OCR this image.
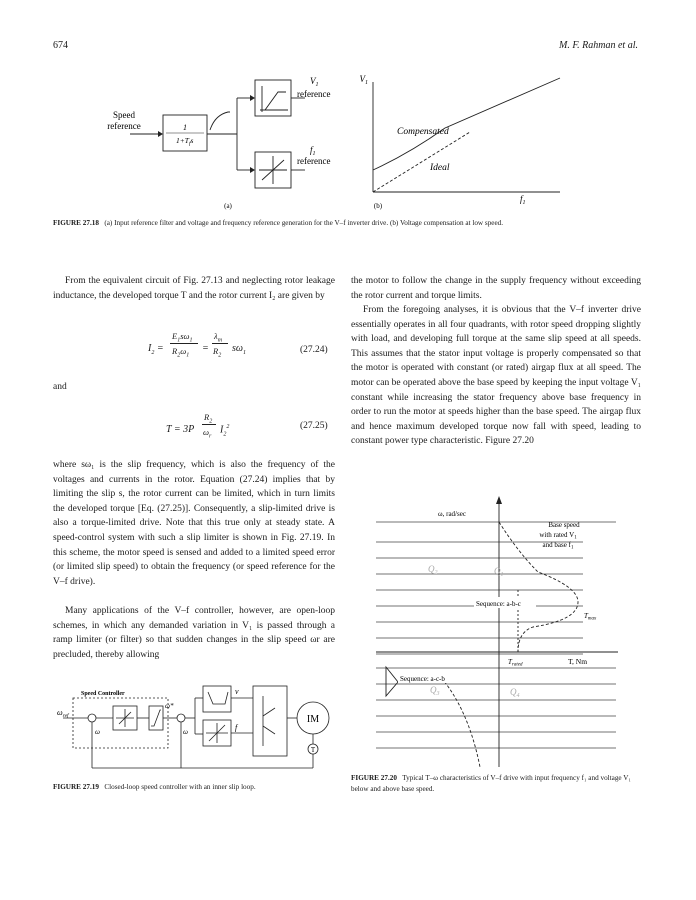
674	M. F. Rahman et al.
Speed
reference	1
$1+T_fs$
$V_1$
reference
$f_1$
reference
(a)
$V_1$
$f_1$
Compensated
Ideal
(b)
FIGURE 27.18 (a) Input reference filter and voltage and frequency reference generation for the V–f inverter drive. (b) Voltage compensation at low speed.
From the equivalent circuit of Fig. 27.13 and neglecting rotor leakage inductance, the developed torque T and the rotor current I₂ are given by
$I_2$ =
$E_1s\omega_1$
$R_2\omega_1$
=
$\lambda_m$
$R_2$
$s\omega_1$	(27.24)
and
T = 3P
$R_2$
$\omega_r$
$I_2^2$	(27.25)
where sω₁ is the slip frequency, which is also the frequency of the voltages and currents in the rotor. Equation (27.24) implies that by limiting the slip s, the rotor current can be limited, which in turn limits the developed torque [Eq. (27.25)]. Consequently, a slip-limited drive is also a torque-limited drive. Note that this true only at steady state. A speed-control system with such a slip limiter is shown in Fig. 27.19. In this scheme, the motor speed is sensed and added to a limited speed error (or limited slip speed) to obtain the frequency (or speed reference for the V–f drive).
Many applications of the V–f controller, however, are open-loop schemes, in which any demanded variation in V₁ is passed through a ramp limiter (or filter) so that sudden changes in the slip speed ωr are precluded, thereby allowing
the motor to follow the change in the supply frequency without exceeding the rotor current and torque limits.
From the foregoing analyses, it is obvious that the V–f inverter drive essentially operates in all four quadrants, with rotor speed dropping slightly with load, and developing full torque at the same slip speed at all speeds. This assumes that the stator input voltage is properly compensated so that the motor is operated with constant (or rated) airgap flux at all speed. The motor can be operated above the base speed by keeping the input voltage V₁ constant while increasing the stator frequency above base frequency in order to run the motor at speeds higher than the base speed. The airgap flux and hence maximum developed torque now fall with speed, leading to constant power type characteristic. Figure 27.20
ω, rad/sec
Base speed
with rated $V_1$
and base $f_1$
$Q_2$	$Q_1$
$Q_3$	$Q_4$
Sequence: a-b-c
Sequence: a-c-b
$T_{max}$
$T_{rated}$	T, Nm
FIGURE 27.20 Typical T–ω characteristics of V–f drive with input frequency f₁ and voltage V₁ below and above base speed.
Speed Controller
$\omega_{ref}$
ω*
ω	ω
v
f
IM
T
FIGURE 27.19 Closed-loop speed controller with an inner slip loop.
